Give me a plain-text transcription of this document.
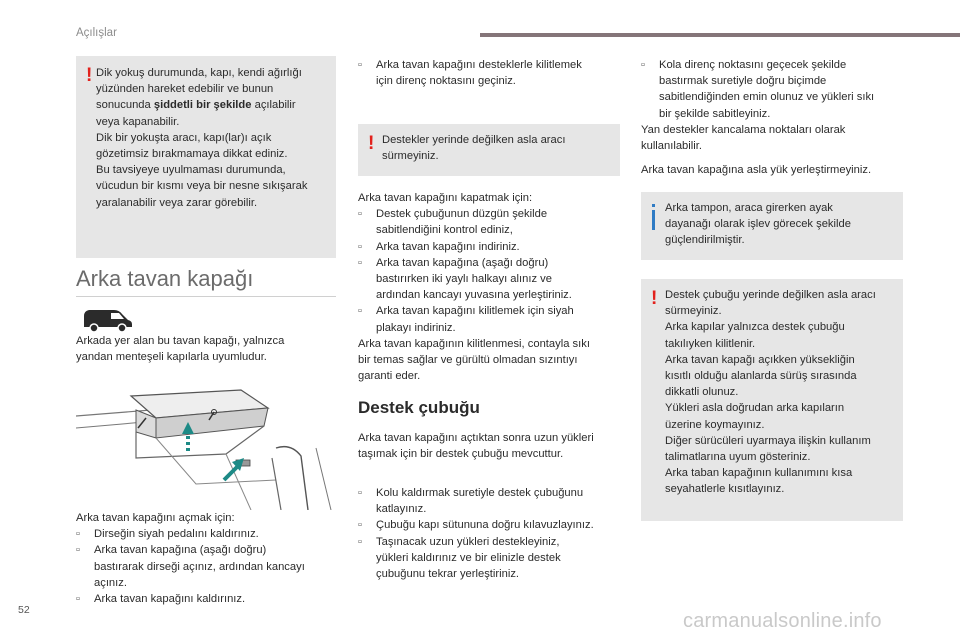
Açılışlar
! Dik yokuş durumunda, kapı, kendi ağırlığı

yüzünden hareket edebilir ve bunun

sonucunda şiddetli bir şekilde açılabilir

veya kapanabilir.

Dik bir yokuşta aracı, kapı(lar)ı açık

gözetimsiz bırakmamaya dikkat ediniz.

Bu tavsiyeye uyulmaması durumunda,

vücudun bir kısmı veya bir nesne sıkışarak

yaralanabilir veya zarar görebilir.

Arka tavan kapağı

Arkada yer alan bu tavan kapağı, yalnızca

yandan menteşeli kapılarla uyumludur.

Arka tavan kapağını açmak için:

▫ Dirseğin siyah pedalını kaldırınız.

▫ Arka tavan kapağına (aşağı doğru)

bastırarak dirseği açınız, ardından kancayı

açınız.

▫ Arka tavan kapağını kaldırınız.

▫ Arka tavan kapağını desteklerle kilitlemek

için direnç noktasını geçiniz.

! Destekler yerinde değilken asla aracı

sürmeyiniz.

Arka tavan kapağını kapatmak için:

▫ Destek çubuğunun düzgün şekilde

sabitlendiğini kontrol ediniz,

▫ Arka tavan kapağını indiriniz.

▫ Arka tavan kapağına (aşağı doğru)

bastırırken iki yaylı halkayı alınız ve

ardından kancayı yuvasına yerleştiriniz.

▫ Arka tavan kapağını kilitlemek için siyah

plakayı indiriniz.

Arka tavan kapağının kilitlenmesi, contayla sıkı

bir temas sağlar ve gürültü olmadan sızıntıyı

garanti eder.

Destek çubuğu

Arka tavan kapağını açtıktan sonra uzun yükleri

taşımak için bir destek çubuğu mevcuttur.

▫ Kolu kaldırmak suretiyle destek çubuğunu

katlayınız.

▫ Çubuğu kapı sütununa doğru kılavuzlayınız.

▫ Taşınacak uzun yükleri destekleyiniz,

yükleri kaldırınız ve bir elinizle destek

çubuğunu tekrar yerleştiriniz.

▫ Kola direnç noktasını geçecek şekilde

bastırmak suretiyle doğru biçimde

sabitlendiğinden emin olunuz ve yükleri sıkı

bir şekilde sabitleyiniz.

Yan destekler kancalama noktaları olarak

kullanılabilir.

Arka tavan kapağına asla yük yerleştirmeyiniz.

Arka tampon, araca girerken ayak

dayanağı olarak işlev görecek şekilde

güçlendirilmiştir.

! Destek çubuğu yerinde değilken asla aracı

sürmeyiniz.

Arka kapılar yalnızca destek çubuğu

takılıyken kilitlenir.

Arka tavan kapağı açıkken yüksekliğin

kısıtlı olduğu alanlarda sürüş sırasında

dikkatli olunuz.

Yükleri asla doğrudan arka kapıların

üzerine koymayınız.

Diğer sürücüleri uyarmaya ilişkin kullanım

talimatlarına uyum gösteriniz.

Arka taban kapağının kullanımını kısa

seyahatlerle kısıtlayınız.

52	carmanualsonline.info
